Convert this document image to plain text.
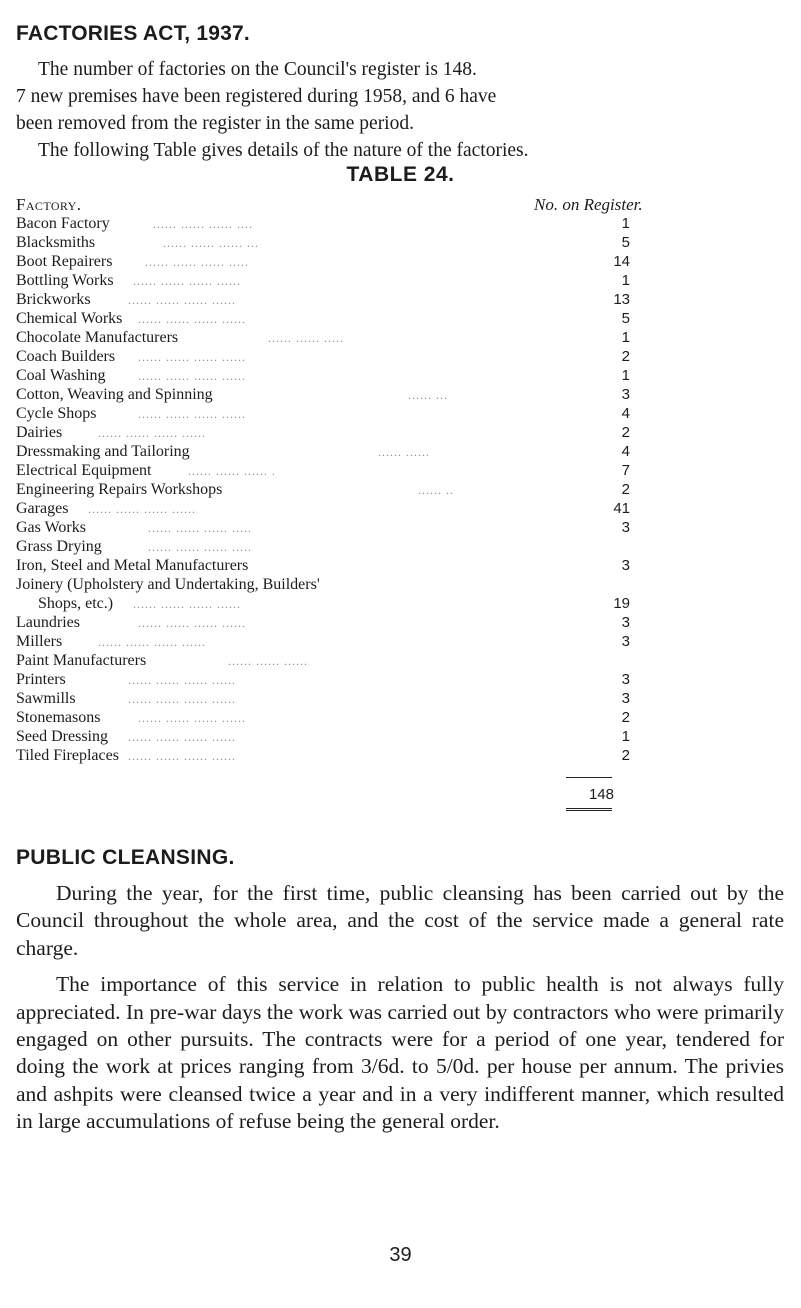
FACTORIES ACT, 1937.

The number of factories on the Council's register is 148.

7 new premises have been registered during 1958, and 6 have

been removed from the register in the same period.

The following Table gives details of the nature of the factories.

TABLE 24.
Factory.	No. on Register.
Bacon Factory	...... ...... ...... ....	1
Blacksmiths	...... ...... ...... ...	5
Boot Repairers	...... ...... ...... .....	14
Bottling Works ...... ...... ...... ......	1
Brickworks	...... ...... ...... ......	13
Chemical Works ...... ...... ...... ......	5
Chocolate Manufacturers	...... ...... .....	1
Coach Builders ...... ...... ...... ......	2
Coal Washing	...... ...... ...... ......	1
Cotton, Weaving and Spinning	...... ...	3
Cycle Shops	...... ...... ...... ......	4
Dairies	...... ...... ...... ......	2
Dressmaking and Tailoring	...... ......	4
Electrical Equipment	...... ...... ...... .	7
Engineering Repairs Workshops	...... ..	2
Garages ...... ...... ...... ......	41
Gas Works	...... ...... ...... .....	3
Grass Drying	...... ...... ...... .....
Iron, Steel and Metal Manufacturers	3
Joinery (Upholstery and Undertaking, Builders'
Shops, etc.) ...... ...... ...... ......	19
Laundries	...... ...... ...... ......	3
Millers	...... ...... ...... ......	3
Paint Manufacturers	...... ...... ......
Printers	...... ...... ...... ......	3
Sawmills	...... ...... ...... ......	3
Stonemasons	...... ...... ...... ......	2
Seed Dressing ...... ...... ...... ......	1
Tiled Fireplaces ...... ...... ...... ......	2
148
PUBLIC CLEANSING.

During the year, for the first time, public cleansing has been carried out by the Council throughout the whole area, and the cost of the service made a general rate charge.

The importance of this service in relation to public health is not always fully appreciated. In pre-war days the work was carried out by contractors who were primarily engaged on other pursuits. The contracts were for a period of one year, tendered for doing the work at prices ranging from 3/6d. to 5/0d. per house per annum. The privies and ashpits were cleansed twice a year and in a very indifferent manner, which resulted in large accumulations of refuse being the general order.

39
